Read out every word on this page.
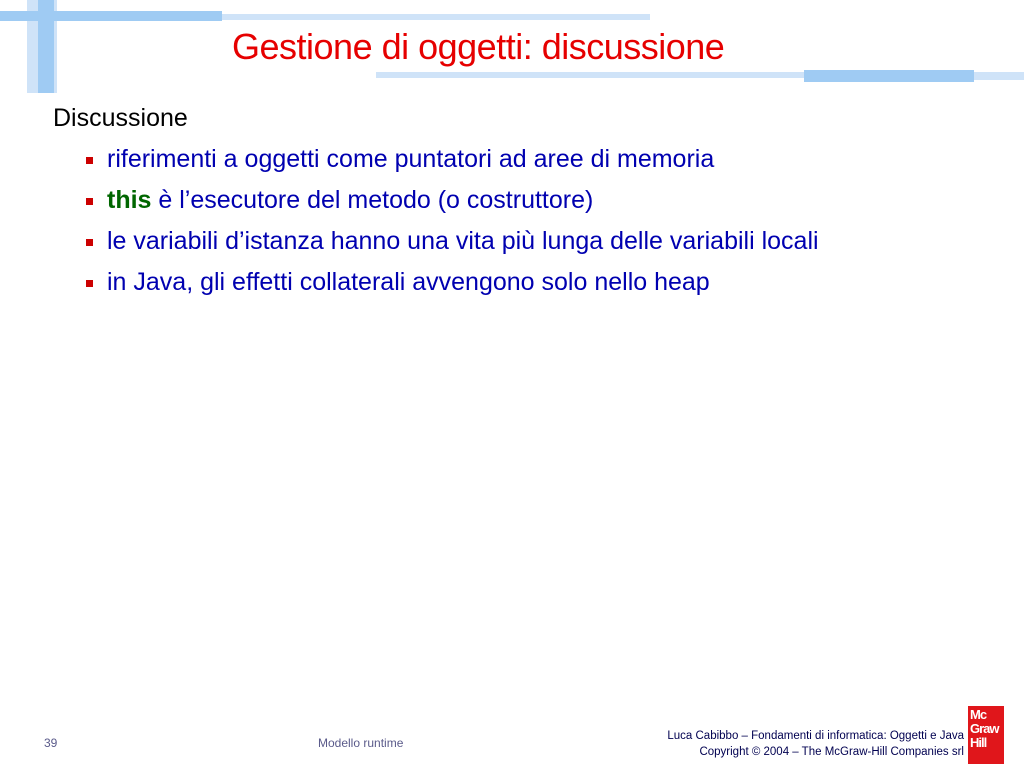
Gestione di oggetti: discussione
Discussione
riferimenti a oggetti come puntatori ad aree di memoria
this è l’esecutore del metodo (o costruttore)
le variabili d’istanza hanno una vita più lunga delle variabili locali
in Java, gli effetti collaterali avvengono solo nello heap
39	Modello runtime	Luca Cabibbo – Fondamenti di informatica: Oggetti e Java
Copyright © 2004 – The McGraw-Hill Companies srl
Mc
Graw
Hill
